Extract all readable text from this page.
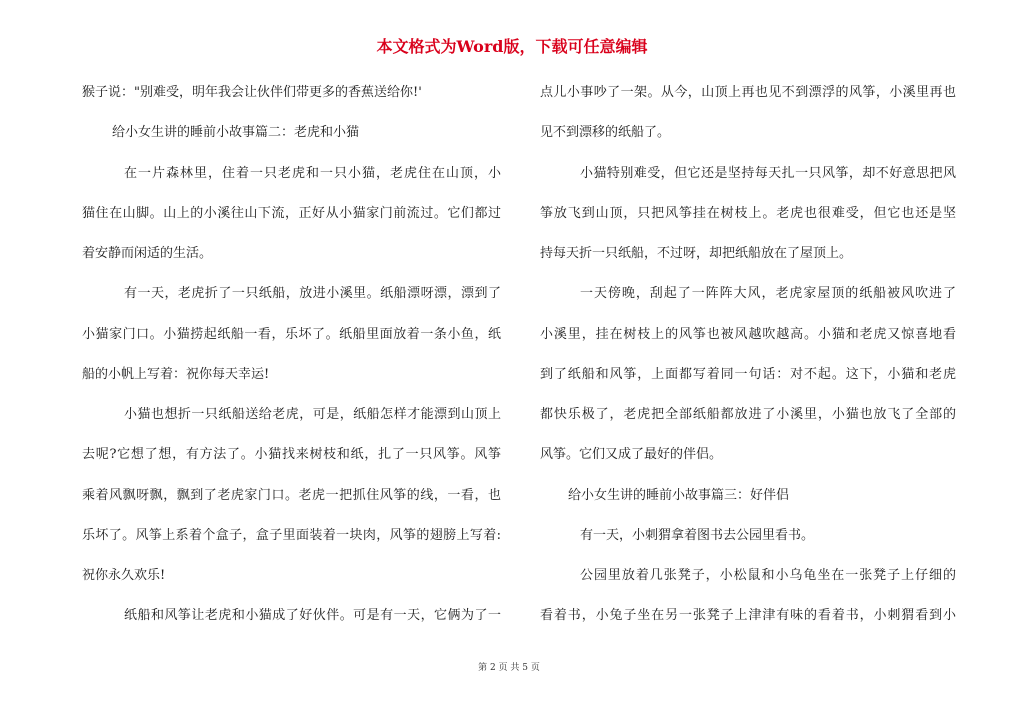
本文格式为Word版，下载可任意编辑
猴子说："别难受，明年我会让伙伴们带更多的香蕉送给你!'
给小女生讲的睡前小故事篇二：老虎和小猫
在一片森林里，住着一只老虎和一只小猫，老虎住在山顶，小
猫住在山脚。山上的小溪往山下流，正好从小猫家门前流过。它们都过
着安静而闲适的生活。
有一天，老虎折了一只纸船，放进小溪里。纸船漂呀漂，漂到了
小猫家门口。小猫捞起纸船一看，乐坏了。纸船里面放着一条小鱼，纸
船的小帆上写着：祝你每天幸运!
小猫也想折一只纸船送给老虎，可是，纸船怎样才能漂到山顶上
去呢?它想了想，有方法了。小猫找来树枝和纸，扎了一只风筝。风筝
乘着风飘呀飘，飘到了老虎家门口。老虎一把抓住风筝的线，一看，也
乐坏了。风筝上系着个盒子，盒子里面装着一块肉，风筝的翅膀上写着:
祝你永久欢乐!
纸船和风筝让老虎和小猫成了好伙伴。可是有一天，它俩为了一
点儿小事吵了一架。从今，山顶上再也见不到漂浮的风筝，小溪里再也
见不到漂移的纸船了。
小猫特别难受，但它还是坚持每天扎一只风筝，却不好意思把风
筝放飞到山顶，只把风筝挂在树枝上。老虎也很难受，但它也还是坚
持每天折一只纸船，不过呀，却把纸船放在了屋顶上。
一天傍晚，刮起了一阵阵大风，老虎家屋顶的纸船被风吹进了
小溪里，挂在树枝上的风筝也被风越吹越高。小猫和老虎又惊喜地看
到了纸船和风筝，上面都写着同一句话：对不起。这下，小猫和老虎
都快乐极了，老虎把全部纸船都放进了小溪里，小猫也放飞了全部的
风筝。它们又成了最好的伴侣。
给小女生讲的睡前小故事篇三：好伴侣
有一天，小刺猬拿着图书去公园里看书。
公园里放着几张凳子，小松鼠和小乌龟坐在一张凳子上仔细的
看着书，小兔子坐在另一张凳子上津津有味的看着书，小刺猬看到小
第 2 页 共 5 页
